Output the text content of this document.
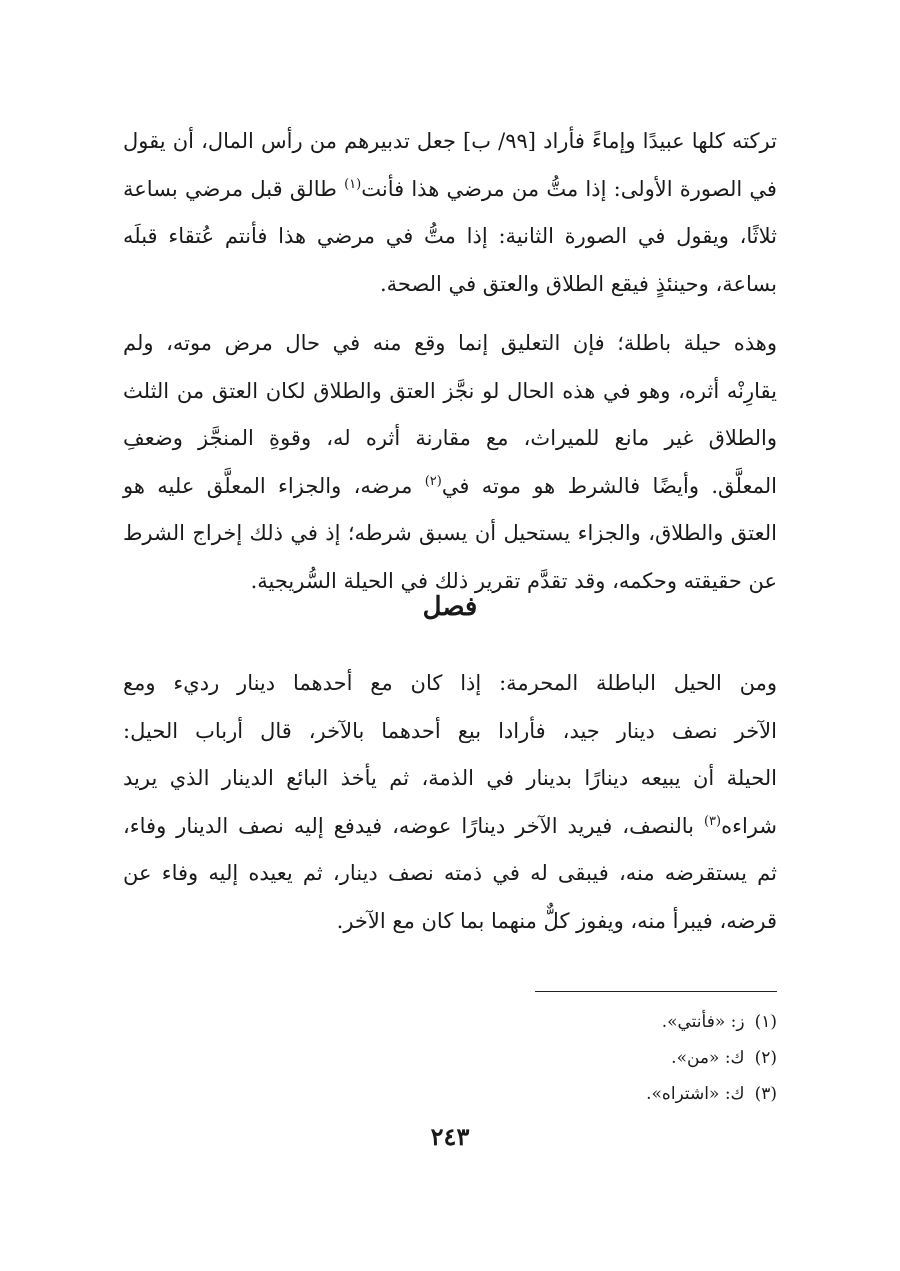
تركته كلها عبيدًا وإماءً فأراد [٩٩/ ب] جعل تدبيرهم من رأس المال، أن يقول
في الصورة الأولى: إذا متُّ من مرضي هذا فأنت$^{(١)}$ طالق قبل مرضي بساعة
ثلاثًا، ويقول في الصورة الثانية: إذا متُّ في مرضي هذا فأنتم عُتقاء قبلَه
بساعة، وحينئذٍ فيقع الطلاق والعتق في الصحة.

وهذه حيلة باطلة؛ فإن التعليق إنما وقع منه في حال مرض موته، ولم
يقارِنْه أثره، وهو في هذه الحال لو نجَّز العتق والطلاق لكان العتق من الثلث
والطلاق غير مانع للميراث، مع مقارنة أثره له، وقوةِ المنجَّز وضعفِ
المعلَّق. وأيضًا فالشرط هو موته في$^{(٢)}$ مرضه، والجزاء المعلَّق عليه هو
العتق والطلاق، والجزاء يستحيل أن يسبق شرطه؛ إذ في ذلك إخراج الشرط
عن حقيقته وحكمه، وقد تقدَّم تقرير ذلك في الحيلة السُّريجية.

فصل

ومن الحيل الباطلة المحرمة: إذا كان مع أحدهما دينار رديء ومع
الآخر نصف دينار جيد، فأرادا بيع أحدهما بالآخر، قال أرباب الحيل:
الحيلة أن يبيعه دينارًا بدينار في الذمة، ثم يأخذ البائع الدينار الذي يريد
شراءه$^{(٣)}$ بالنصف، فيريد الآخر دينارًا عوضه، فيدفع إليه نصف الدينار وفاء،
ثم يستقرضه منه، فيبقى له في ذمته نصف دينار، ثم يعيده إليه وفاء عن
قرضه، فيبرأ منه، ويفوز كلٌّ منهما بما كان مع الآخر.

(١)ز: «فأنتي».
(٢)ك: «من».
(٣)ك: «اشتراه».
٢٤٣
